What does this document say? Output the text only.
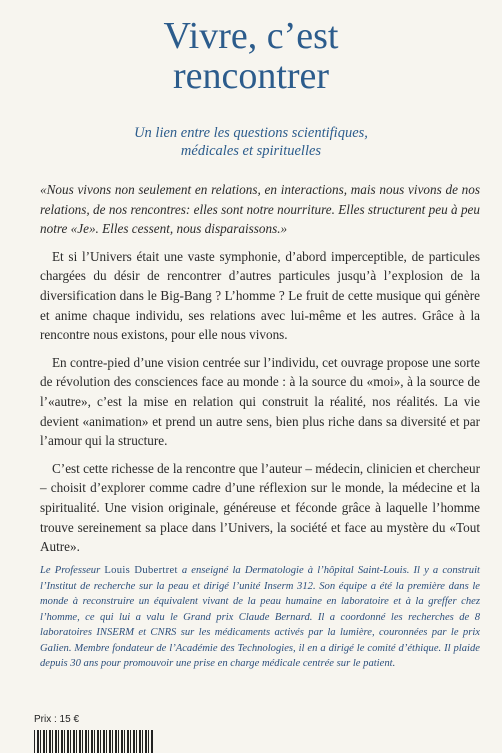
Vivre, c’est
rencontrer
Un lien entre les questions scientifiques,
médicales et spirituelles

«Nous vivons non seulement en relations, en interactions, mais nous vivons de nos relations, de nos rencontres: elles sont notre nourriture. Elles structurent peu à peu notre «Je». Elles cessent, nous disparaissons.»

Et si l’Univers était une vaste symphonie, d’abord imperceptible, de particules chargées du désir de rencontrer d’autres particules jusqu’à l’explosion de la diversification dans le Big-Bang ? L’homme ? Le fruit de cette musique qui génère et anime chaque individu, ses relations avec lui-même et les autres. Grâce à la rencontre nous existons, pour elle nous vivons.

En contre-pied d’une vision centrée sur l’individu, cet ouvrage propose une sorte de révolution des consciences face au monde : à la source du «moi», à la source de l’«autre», c’est la mise en relation qui construit la réalité, nos réalités. La vie devient «animation» et prend un autre sens, bien plus riche dans sa diversité et par l’amour qui la structure.

C’est cette richesse de la rencontre que l’auteur – médecin, clinicien et chercheur – choisit d’explorer comme cadre d’une réflexion sur le monde, la médecine et la spiritualité. Une vision originale, généreuse et féconde grâce à laquelle l’homme trouve sereinement sa place dans l’Univers, la société et face au mystère du «Tout Autre».

Le Professeur Louis Dubertret a enseigné la Dermatologie à l’hôpital Saint-Louis. Il y a construit l’Institut de recherche sur la peau et dirigé l’unité Inserm 312. Son équipe a été la première dans le monde à reconstruire un équivalent vivant de la peau humaine en laboratoire et à la greffer chez l’homme, ce qui lui a valu le Grand prix Claude Bernard. Il a coordonné les recherches de 8 laboratoires INSERM et CNRS sur les médicaments activés par la lumière, couronnées par le prix Galien. Membre fondateur de l’Académie des Technologies, il en a dirigé le comité d’éthique. Il plaide depuis 30 ans pour promouvoir une prise en charge médicale centrée sur le patient.
Prix : 15 €
